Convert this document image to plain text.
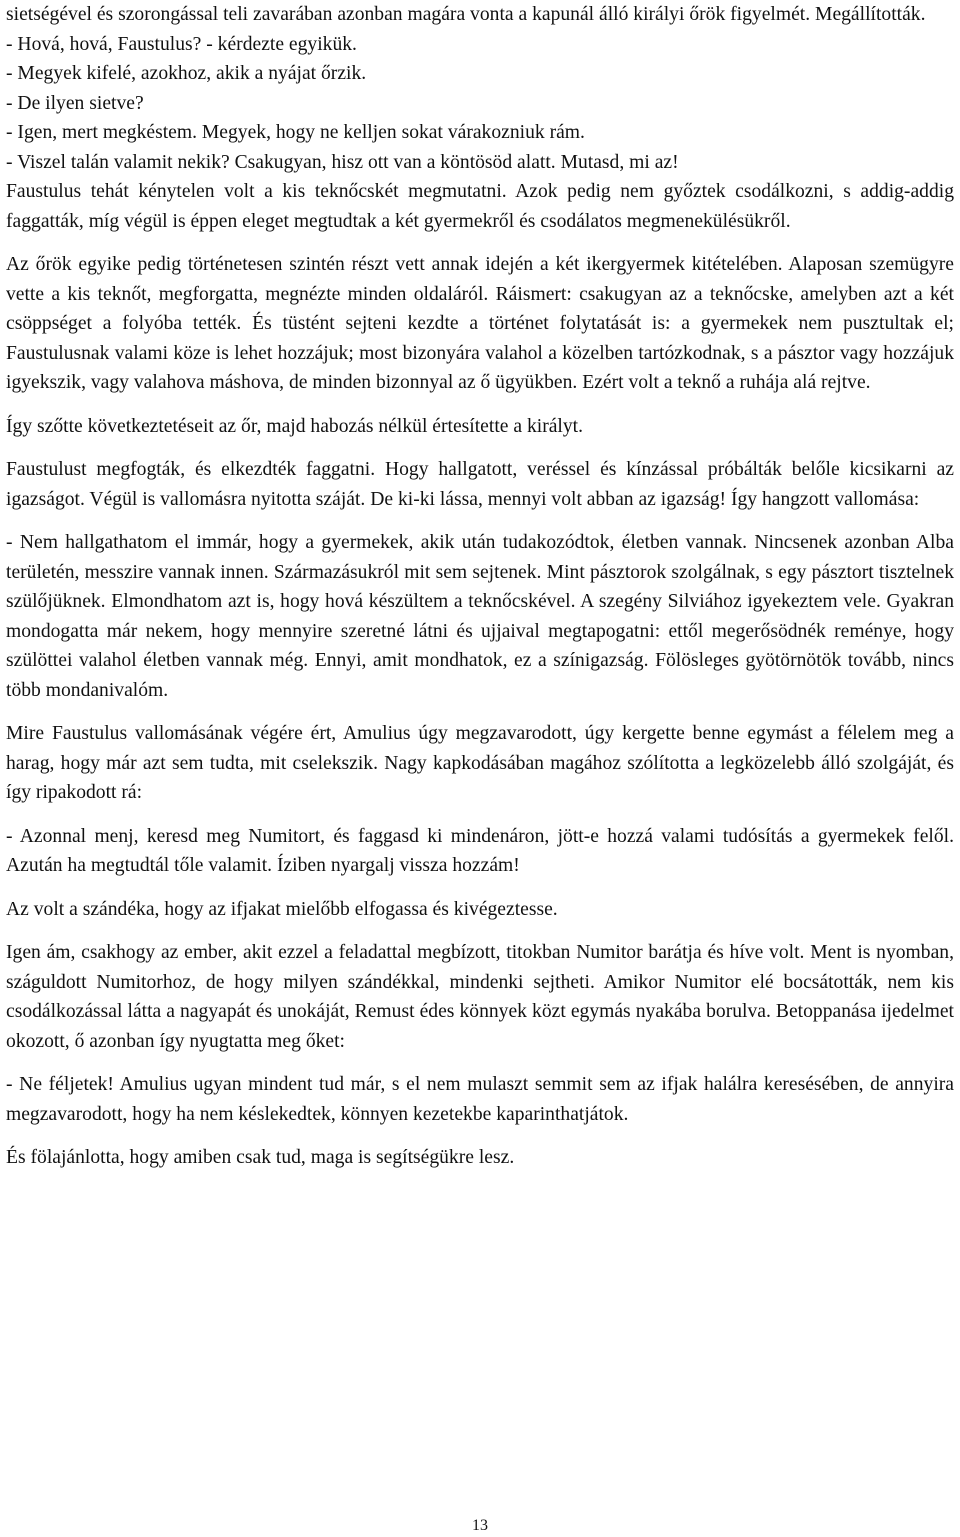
sietségével és szorongással teli zavarában azonban magára vonta a kapunál álló királyi őrök figyelmét. Megállították.

- Hová, hová, Faustulus? - kérdezte egyikük.

- Megyek kifelé, azokhoz, akik a nyájat őrzik.

- De ilyen sietve?

- Igen, mert megkéstem. Megyek, hogy ne kelljen sokat várakozniuk rám.

- Viszel talán valamit nekik? Csakugyan, hisz ott van a köntösöd alatt. Mutasd, mi az!

Faustulus tehát kénytelen volt a kis teknőcskét megmutatni. Azok pedig nem győztek csodálkozni, s addig-addig faggatták, míg végül is éppen eleget megtudtak a két gyermekről és csodálatos megmenekülésükről.

Az őrök egyike pedig történetesen szintén részt vett annak idején a két ikergyermek kitételében. Alaposan szemügyre vette a kis teknőt, megforgatta, megnézte minden oldaláról. Ráismert: csakugyan az a teknőcske, amelyben azt a két csöppséget a folyóba tették. És tüstént sejteni kezdte a történet folytatását is: a gyermekek nem pusztultak el; Faustulusnak valami köze is lehet hozzájuk; most bizonyára valahol a közelben tartózkodnak, s a pásztor vagy hozzájuk igyekszik, vagy valahova máshova, de minden bizonnyal az ő ügyükben. Ezért volt a teknő a ruhája alá rejtve.

Így szőtte következtetéseit az őr, majd habozás nélkül értesítette a királyt.

Faustulust megfogták, és elkezdték faggatni. Hogy hallgatott, veréssel és kínzással próbálták belőle kicsikarni az igazságot. Végül is vallomásra nyitotta száját. De ki-ki lássa, mennyi volt abban az igazság! Így hangzott vallomása:

- Nem hallgathatom el immár, hogy a gyermekek, akik után tudakozódtok, életben vannak. Nincsenek azonban Alba területén, messzire vannak innen. Származásukról mit sem sejtenek. Mint pásztorok szolgálnak, s egy pásztort tisztelnek szülőjüknek. Elmondhatom azt is, hogy hová készültem a teknőcskével. A szegény Silviához igyekeztem vele. Gyakran mondogatta már nekem, hogy mennyire szeretné látni és ujjaival megtapogatni: ettől megerősödnék reménye, hogy szülöttei valahol életben vannak még. Ennyi, amit mondhatok, ez a színigazság. Fölösleges gyötörnötök tovább, nincs több mondanivalóm.

Mire Faustulus vallomásának végére ért, Amulius úgy megzavarodott, úgy kergette benne egymást a félelem meg a harag, hogy már azt sem tudta, mit cselekszik. Nagy kapkodásában magához szólította a legközelebb álló szolgáját, és így ripakodott rá:

- Azonnal menj, keresd meg Numitort, és faggasd ki mindenáron, jött-e hozzá valami tudósítás a gyermekek felől. Azután ha megtudtál tőle valamit. Íziben nyargalj vissza hozzám!

Az volt a szándéka, hogy az ifjakat mielőbb elfogassa és kivégeztesse.

Igen ám, csakhogy az ember, akit ezzel a feladattal megbízott, titokban Numitor barátja és híve volt. Ment is nyomban, száguldott Numitorhoz, de hogy milyen szándékkal, mindenki sejtheti. Amikor Numitor elé bocsátották, nem kis csodálkozással látta a nagyapát és unokáját, Remust édes könnyek közt egymás nyakába borulva. Betoppanása ijedelmet okozott, ő azonban így nyugtatta meg őket:

- Ne féljetek! Amulius ugyan mindent tud már, s el nem mulaszt semmit sem az ifjak halálra keresésében, de annyira megzavarodott, hogy ha nem késlekedtek, könnyen kezetekbe kaparinthatjátok.

És fölajánlotta, hogy amiben csak tud, maga is segítségükre lesz.

13
